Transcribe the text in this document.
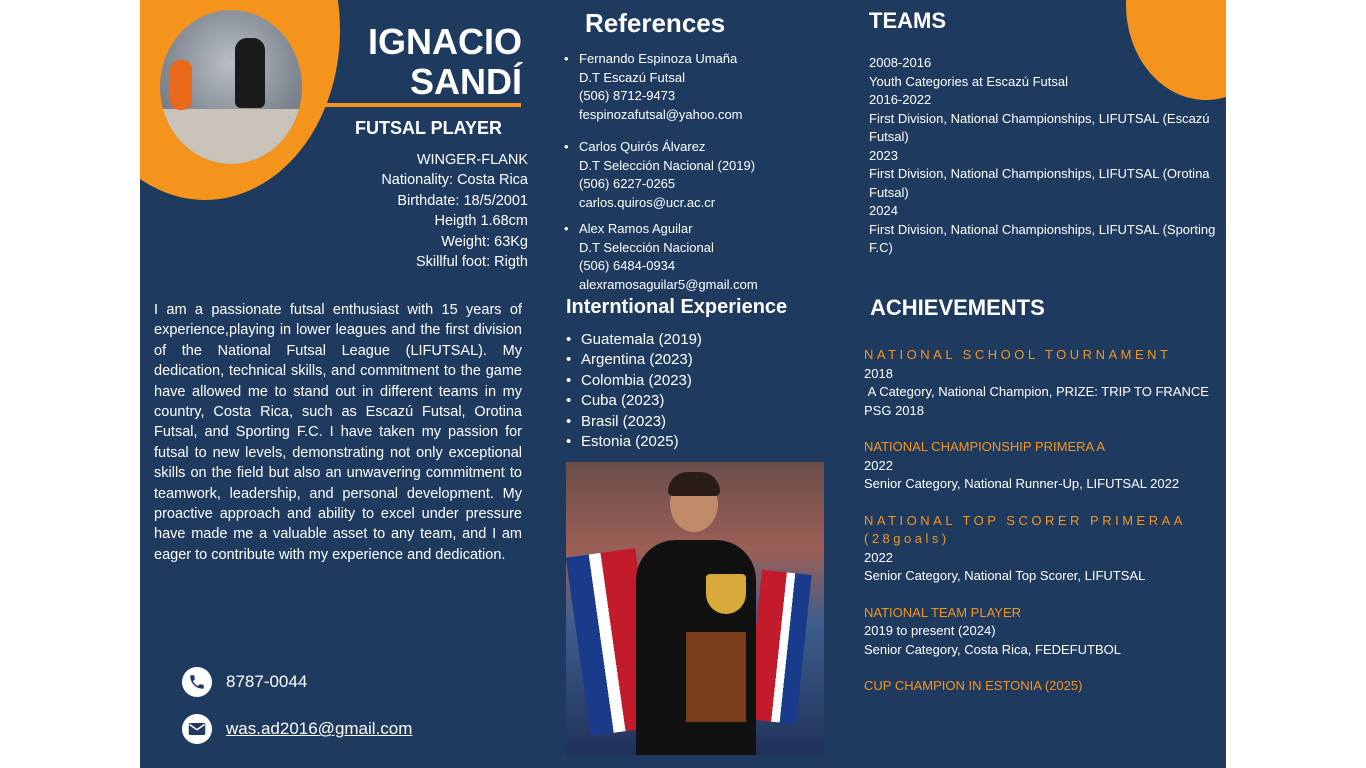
IGNACIO
SANDÍ
FUTSAL PLAYER
WINGER-FLANK
Nationality: Costa Rica
Birthdate: 18/5/2001
Heigth 1.68cm
Weight: 63Kg
Skillful foot: Rigth
I am a passionate futsal enthusiast with 15 years of experience,playing in lower leagues and the first division of the National Futsal League (LIFUTSAL). My dedication, technical skills, and commitment to the game have allowed me to stand out in different teams in my country, Costa Rica, such as Escazú Futsal, Orotina Futsal, and Sporting F.C. I have taken my passion for futsal to new levels, demonstrating not only exceptional skills on the field but also an unwavering commitment to teamwork, leadership, and personal development. My proactive approach and ability to excel under pressure have made me a valuable asset to any team, and I am eager to contribute with my experience and dedication.
8787-0044
was.ad2016@gmail.com
References
• Fernando Espinoza Umaña
D.T Escazú Futsal
(506) 8712-9473
fespinozafutsal@yahoo.com
• Carlos Quirós Álvarez
D.T Selección Nacional (2019)
(506) 6227-0265
carlos.quiros@ucr.ac.cr
• Alex Ramos Aguilar
D.T Selección Nacional
(506) 6484-0934
alexramosaguilar5@gmail.com
Interntional Experience
• Guatemala (2019)
• Argentina (2023)
• Colombia (2023)
• Cuba (2023)
• Brasil (2023)
• Estonia (2025)
TEAMS
2008-2016
Youth Categories at Escazú Futsal
2016-2022
First Division, National Championships, LIFUTSAL (Escazú Futsal)
2023
First Division, National Championships, LIFUTSAL (Orotina Futsal)
2024
First Division, National Championships, LIFUTSAL (Sporting F.C)
ACHIEVEMENTS
NATIONAL SCHOOL TOURNAMENT
2018
A Category, National Champion, PRIZE: TRIP TO FRANCE PSG 2018
NATIONAL CHAMPIONSHIP PRIMERA A
2022
Senior Category, National Runner-Up, LIFUTSAL 2022
NATIONAL TOP SCORER PRIMERAA (28goals)
2022
Senior Category, National Top Scorer, LIFUTSAL
NATIONAL TEAM PLAYER
2019 to present (2024)
Senior Category, Costa Rica, FEDEFUTBOL
CUP CHAMPION IN ESTONIA (2025)
